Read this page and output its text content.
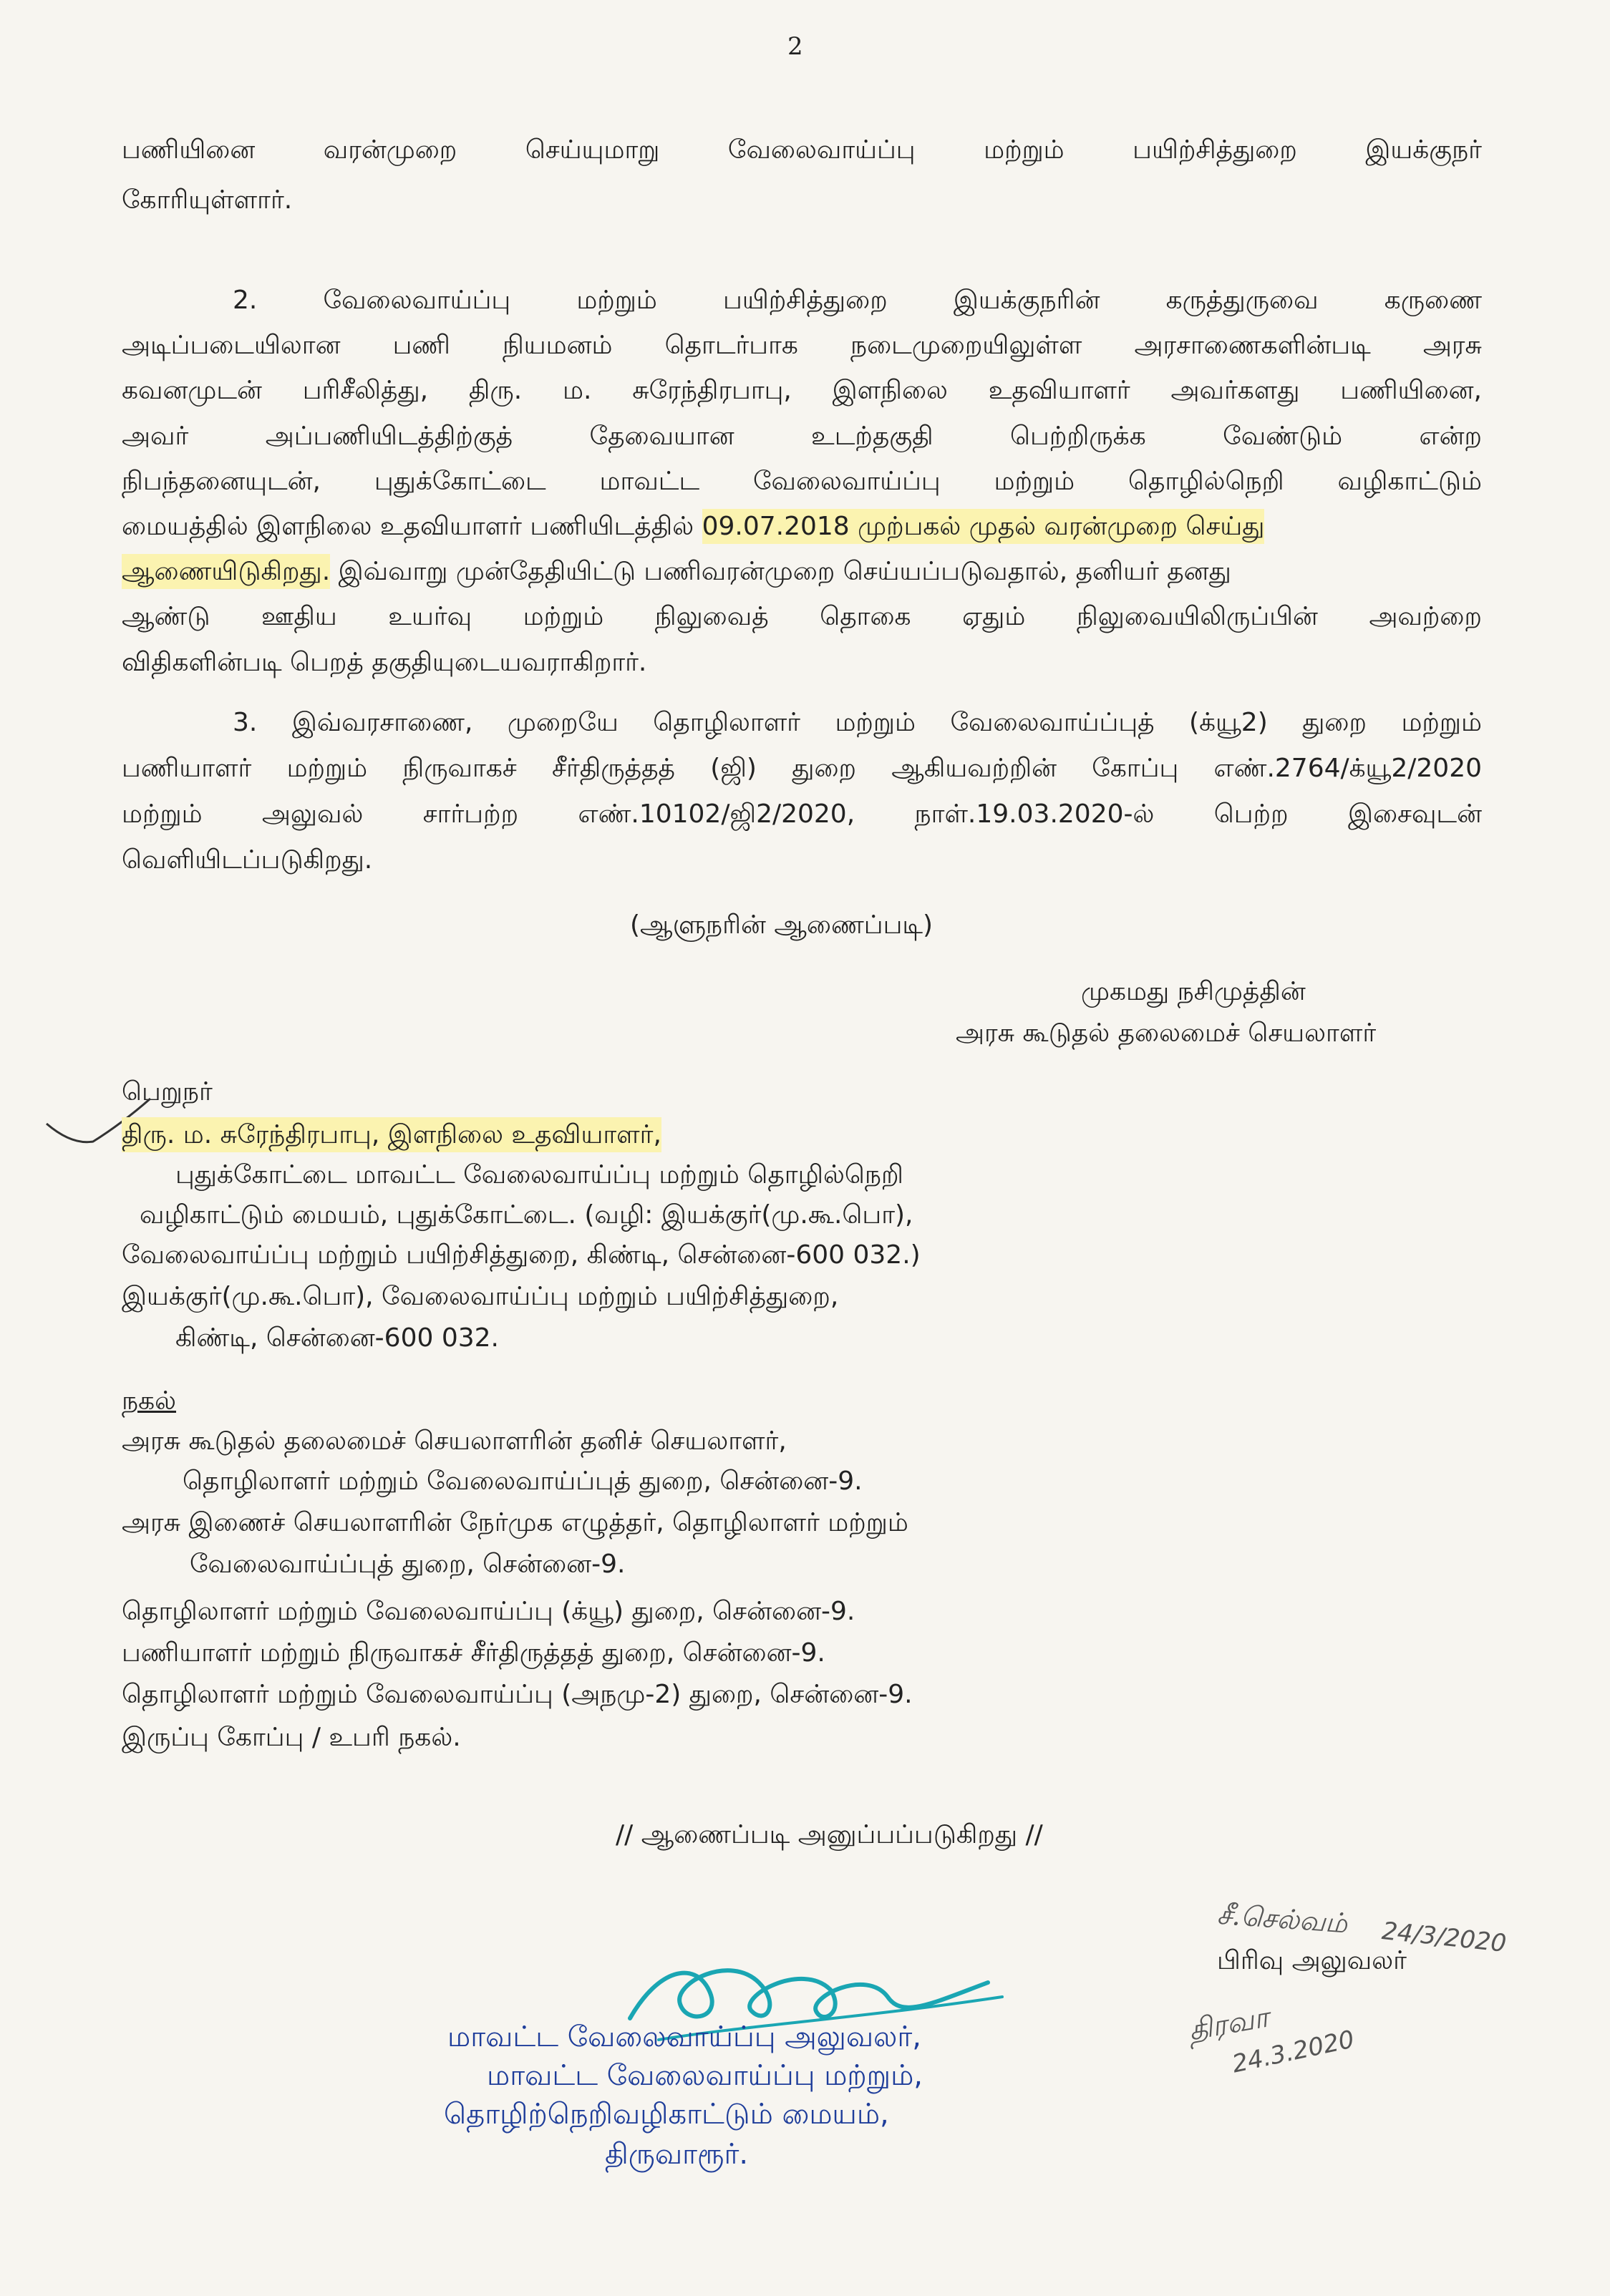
2
பணியினை வரன்முறை செய்யுமாறு வேலைவாய்ப்பு மற்றும் பயிற்சித்துறை இயக்குநர்
கோரியுள்ளார்.
2. வேலைவாய்ப்பு மற்றும் பயிற்சித்துறை இயக்குநரின் கருத்துருவை கருணை
அடிப்படையிலான பணி நியமனம் தொடர்பாக நடைமுறையிலுள்ள அரசாணைகளின்படி அரசு
கவனமுடன் பரிசீலித்து, திரு. ம. சுரேந்திரபாபு, இளநிலை உதவியாளர் அவர்களது பணியினை,
அவர் அப்பணியிடத்திற்குத் தேவையான உடற்தகுதி பெற்றிருக்க வேண்டும் என்ற
நிபந்தனையுடன், புதுக்கோட்டை மாவட்ட வேலைவாய்ப்பு மற்றும் தொழில்நெறி வழிகாட்டும்
மையத்தில் இளநிலை உதவியாளர் பணியிடத்தில் 09.07.2018 முற்பகல் முதல் வரன்முறை செய்து
ஆணையிடுகிறது. இவ்வாறு முன்தேதியிட்டு பணிவரன்முறை செய்யப்படுவதால், தனியர் தனது
ஆண்டு ஊதிய உயர்வு மற்றும் நிலுவைத் தொகை ஏதும் நிலுவையிலிருப்பின் அவற்றை
விதிகளின்படி பெறத் தகுதியுடையவராகிறார்.
3. இவ்வரசாணை, முறையே தொழிலாளர் மற்றும் வேலைவாய்ப்புத் (க்யூ2) துறை மற்றும்
பணியாளர் மற்றும் நிருவாகச் சீர்திருத்தத் (ஜி) துறை ஆகியவற்றின் கோப்பு எண்.2764/க்யூ2/2020
மற்றும் அலுவல் சார்பற்ற எண்.10102/ஜி2/2020, நாள்.19.03.2020-ல் பெற்ற இசைவுடன்
வெளியிடப்படுகிறது.
(ஆளுநரின் ஆணைப்படி)
முகமது நசிமுத்தின்
அரசு கூடுதல் தலைமைச் செயலாளர்
பெறுநர்
திரு. ம. சுரேந்திரபாபு, இளநிலை உதவியாளர்,
புதுக்கோட்டை மாவட்ட வேலைவாய்ப்பு மற்றும் தொழில்நெறி
வழிகாட்டும் மையம், புதுக்கோட்டை. (வழி: இயக்குர்(மு.கூ.பொ),
வேலைவாய்ப்பு மற்றும் பயிற்சித்துறை, கிண்டி, சென்னை-600 032.)
இயக்குர்(மு.கூ.பொ), வேலைவாய்ப்பு மற்றும் பயிற்சித்துறை,
கிண்டி, சென்னை-600 032.
நகல்
அரசு கூடுதல் தலைமைச் செயலாளரின் தனிச் செயலாளர்,
தொழிலாளர் மற்றும் வேலைவாய்ப்புத் துறை, சென்னை-9.
அரசு இணைச் செயலாளரின் நேர்முக எழுத்தர், தொழிலாளர் மற்றும்
வேலைவாய்ப்புத் துறை, சென்னை-9.
தொழிலாளர் மற்றும் வேலைவாய்ப்பு (க்யூ) துறை, சென்னை-9.
பணியாளர் மற்றும் நிருவாகச் சீர்திருத்தத் துறை, சென்னை-9.
தொழிலாளர் மற்றும் வேலைவாய்ப்பு (அநமு-2) துறை, சென்னை-9.
இருப்பு கோப்பு / உபரி நகல்.
// ஆணைப்படி அனுப்பப்படுகிறது //
சீ.செல்வம் 24/3/2020
பிரிவு அலுவலர்
திரவா
24.3.2020
மாவட்ட வேலைவாய்ப்பு அலுவலர்,
மாவட்ட வேலைவாய்ப்பு மற்றும்,
தொழிற்நெறிவழிகாட்டும் மையம்,
திருவாரூர்.
